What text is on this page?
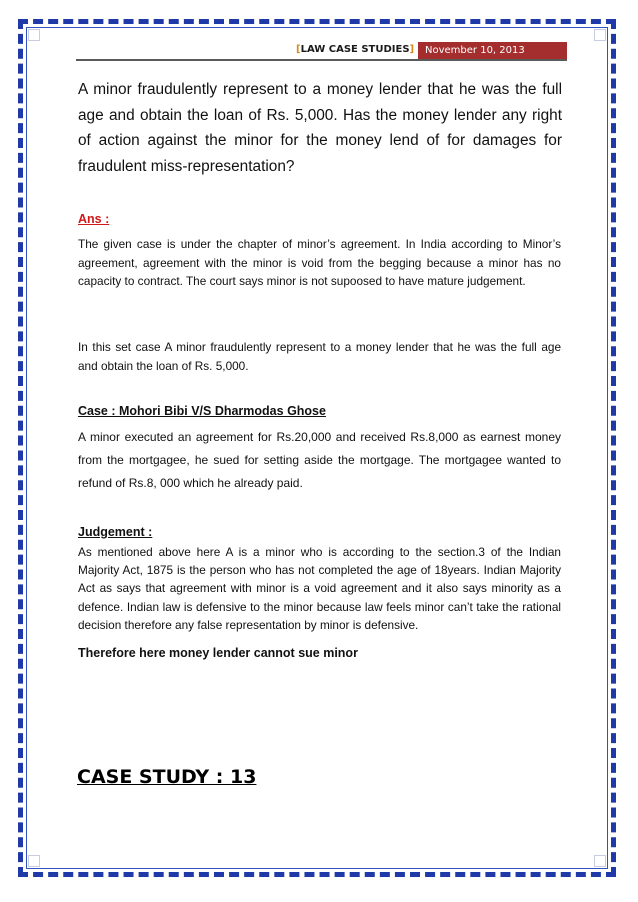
[LAW CASE STUDIES]	November 10, 2013
A minor fraudulently represent to a money lender that he was the full age and obtain the loan of Rs. 5,000. Has the money lender any right of action against the minor for the money lend of for damages for fraudulent miss-representation?
Ans :
The given case is under the chapter of minor’s agreement. In India according to Minor’s agreement, agreement with the minor is void from the begging because a minor has no capacity to contract. The court says minor is not supoosed to have mature judgement.
In this set case A minor fraudulently represent to a money lender that he was the full age and obtain the loan of Rs. 5,000.
Case : Mohori Bibi V/S Dharmodas Ghose
A minor executed an agreement for Rs.20,000 and received Rs.8,000 as earnest money from the mortgagee, he sued for setting aside the mortgage. The mortgagee wanted to refund of Rs.8, 000 which he already paid.
Judgement :
As mentioned above here A is a minor who is according to the section.3 of the Indian Majority Act, 1875 is the person who has not completed the age of 18years. Indian Majority Act as says that agreement with minor is a void agreement and it also says minority as a defence. Indian law is defensive to the minor because law feels minor can’t take the rational decision therefore any false representation by minor is defensive.
Therefore here money lender cannot sue minor
CASE STUDY : 13
